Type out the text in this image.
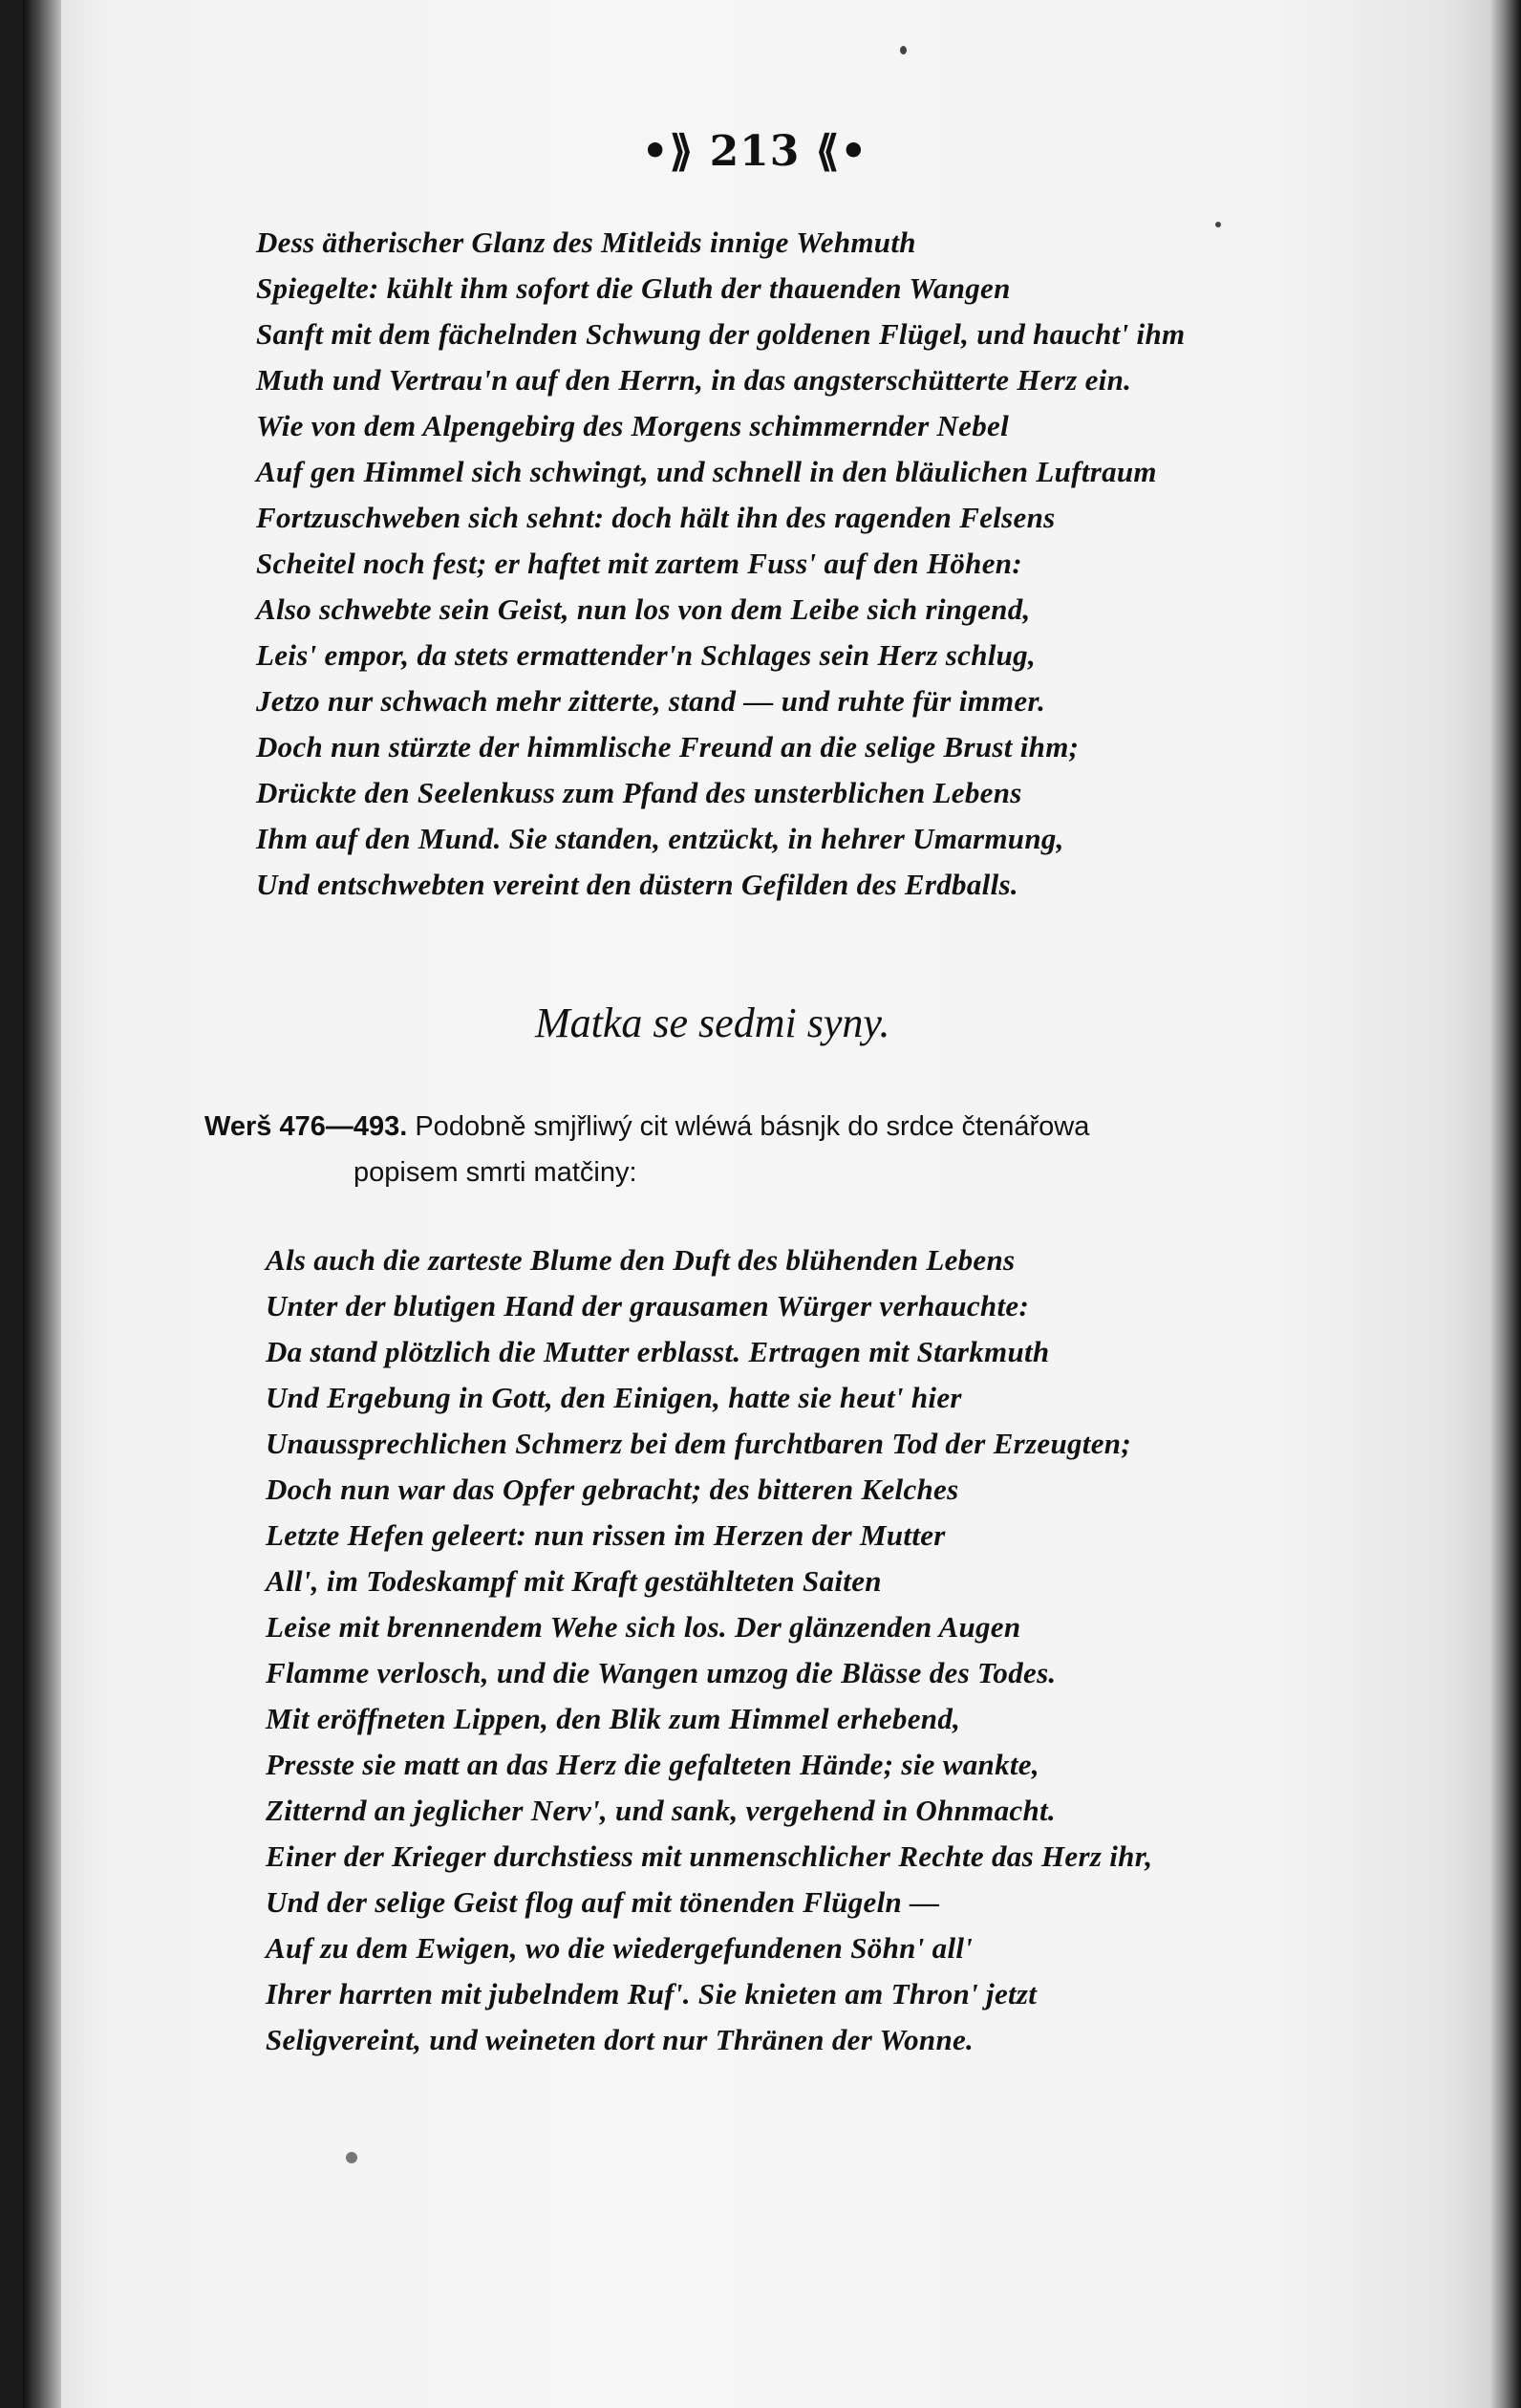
•⟫ 213 ⟪•
Dess ätherischer Glanz des Mitleids innige Wehmuth
Spiegelte: kühlt ihm sofort die Gluth der thauenden Wangen
Sanft mit dem fächelnden Schwung der goldenen Flügel, und haucht' ihm
Muth und Vertrau'n auf den Herrn, in das angsterschütterte Herz ein.
Wie von dem Alpengebirg des Morgens schimmernder Nebel
Auf gen Himmel sich schwingt, und schnell in den bläulichen Luftraum
Fortzuschweben sich sehnt: doch hält ihn des ragenden Felsens
Scheitel noch fest; er haftet mit zartem Fuss' auf den Höhen:
Also schwebte sein Geist, nun los von dem Leibe sich ringend,
Leis' empor, da stets ermattender'n Schlages sein Herz schlug,
Jetzo nur schwach mehr zitterte, stand — und ruhte für immer.
Doch nun stürzte der himmlische Freund an die selige Brust ihm;
Drückte den Seelenkuss zum Pfand des unsterblichen Lebens
Ihm auf den Mund. Sie standen, entzückt, in hehrer Umarmung,
Und entschwebten vereint den düstern Gefilden des Erdballs.
Matka se sedmi syny.
Werš 476—493. Podobně smjřliwý cit wléwá básnjk do srdce čtenářowa
popisem smrti matčiny:
Als auch die zarteste Blume den Duft des blühenden Lebens
Unter der blutigen Hand der grausamen Würger verhauchte:
Da stand plötzlich die Mutter erblasst. Ertragen mit Starkmuth
Und Ergebung in Gott, den Einigen, hatte sie heut' hier
Unaussprechlichen Schmerz bei dem furchtbaren Tod der Erzeugten;
Doch nun war das Opfer gebracht; des bitteren Kelches
Letzte Hefen geleert: nun rissen im Herzen der Mutter
All', im Todeskampf mit Kraft gestählteten Saiten
Leise mit brennendem Wehe sich los. Der glänzenden Augen
Flamme verlosch, und die Wangen umzog die Blässe des Todes.
Mit eröffneten Lippen, den Blik zum Himmel erhebend,
Presste sie matt an das Herz die gefalteten Hände; sie wankte,
Zitternd an jeglicher Nerv', und sank, vergehend in Ohnmacht.
Einer der Krieger durchstiess mit unmenschlicher Rechte das Herz ihr,
Und der selige Geist flog auf mit tönenden Flügeln —
Auf zu dem Ewigen, wo die wiedergefundenen Söhn' all'
Ihrer harrten mit jubelndem Ruf'. Sie knieten am Thron' jetzt
Seligvereint, und weineten dort nur Thränen der Wonne.
